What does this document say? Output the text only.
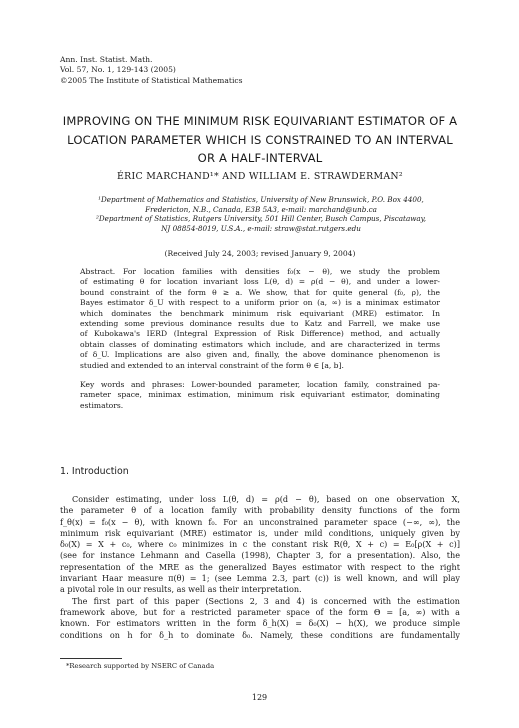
Ann. Inst. Statist. Math.
Vol. 57, No. 1, 129-143 (2005)
©2005 The Institute of Statistical Mathematics
IMPROVING ON THE MINIMUM RISK EQUIVARIANT ESTIMATOR OF A
LOCATION PARAMETER WHICH IS CONSTRAINED TO AN INTERVAL
OR A HALF-INTERVAL
ÉRIC MARCHAND¹* AND WILLIAM E. STRAWDERMAN²
¹Department of Mathematics and Statistics, University of New Brunswick, P.O. Box 4400,
Fredericton, N.B., Canada, E3B 5A3, e-mail: marchand@unb.ca
²Department of Statistics, Rutgers University, 501 Hill Center, Busch Campus, Piscataway,
NJ 08854-8019, U.S.A., e-mail: straw@stat.rutgers.edu
(Received July 24, 2003; revised January 9, 2004)
Abstract. For location families with densities f₀(x − θ), we study the problem
of estimating θ for location invariant loss L(θ, d) = ρ(d − θ), and under a lower-
bound constraint of the form θ ≥ a. We show, that for quite general (f₀, ρ), the
Bayes estimator δ_U with respect to a uniform prior on (a, ∞) is a minimax estimator
which dominates the benchmark minimum risk equivariant (MRE) estimator. In
extending some previous dominance results due to Katz and Farrell, we make use
of Kubokawa's IERD (Integral Expression of Risk Difference) method, and actually
obtain classes of dominating estimators which include, and are characterized in terms
of δ_U. Implications are also given and, finally, the above dominance phenomenon is
studied and extended to an interval constraint of the form θ ∈ [a, b].
Key words and phrases: Lower-bounded parameter, location family, constrained pa-
rameter space, minimax estimation, minimum risk equivariant estimator, dominating
estimators.
1. Introduction
Consider estimating, under loss L(θ, d) = ρ(d − θ), based on one observation X,
the parameter θ of a location family with probability density functions of the form
f_θ(x) = f₀(x − θ), with known f₀. For an unconstrained parameter space (−∞, ∞), the
minimum risk equivariant (MRE) estimator is, under mild conditions, uniquely given by
δ₀(X) = X + c₀, where c₀ minimizes in c the constant risk R(θ, X + c) = E₀[ρ(X + c)]
(see for instance Lehmann and Casella (1998), Chapter 3, for a presentation). Also, the
representation of the MRE as the generalized Bayes estimator with respect to the right
invariant Haar measure π(θ) = 1; (see Lemma 2.3, part (c)) is well known, and will play
a pivotal role in our results, as well as their interpretation.
The first part of this paper (Sections 2, 3 and 4) is concerned with the estimation
framework above, but for a restricted parameter space of the form Θ = [a, ∞) with a
known. For estimators written in the form δ_h(X) = δ₀(X) − h(X), we produce simple
conditions on h for δ_h to dominate δ₀. Namely, these conditions are fundamentally
*Research supported by NSERC of Canada
129
